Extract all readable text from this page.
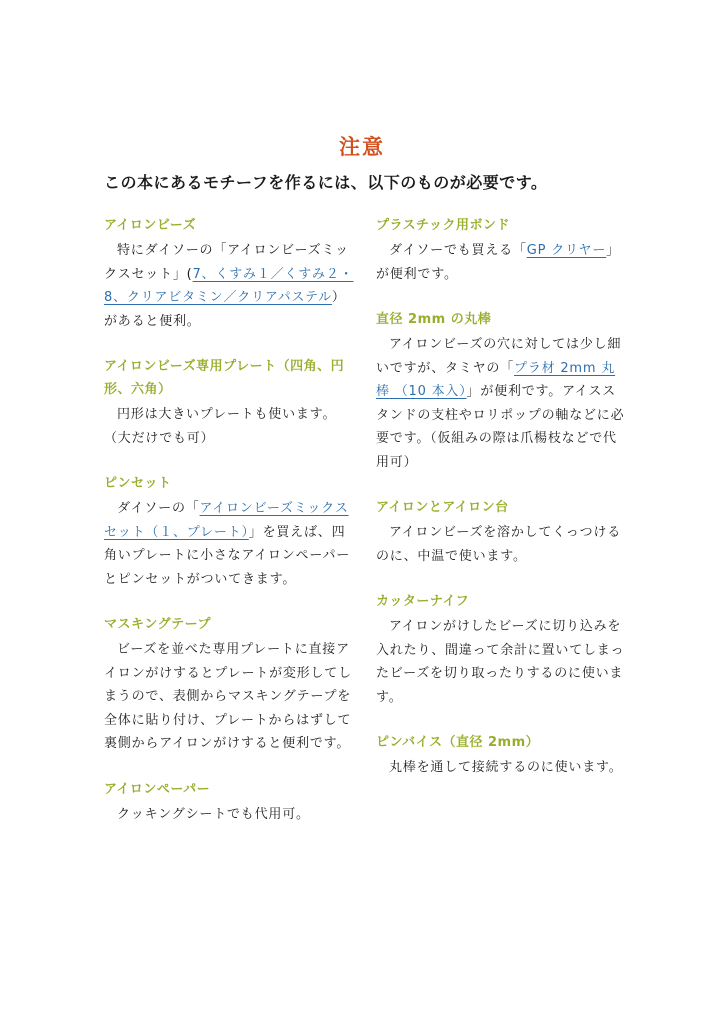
注意
この本にあるモチーフを作るには、以下のものが必要です。
アイロンビーズ
特にダイソーの「アイロンビーズミックスセット」(7、くすみ１／くすみ２・8、クリアビタミン／クリアパステル）があると便利。
アイロンビーズ専用プレート（四角、円形、六角）
円形は大きいプレートも使います。（大だけでも可）
ピンセット
ダイソーの「アイロンビーズミックスセット（１、プレート）」を買えば、四角いプレートに小さなアイロンペーパーとピンセットがついてきます。
マスキングテープ
ビーズを並べた専用プレートに直接アイロンがけするとプレートが変形してしまうので、表側からマスキングテープを全体に貼り付け、プレートからはずして裏側からアイロンがけすると便利です。
アイロンペーパー
クッキングシートでも代用可。
プラスチック用ボンド
ダイソーでも買える「GP クリヤー」が便利です。
直径 2mm の丸棒
アイロンビーズの穴に対しては少し細いですが、タミヤの「プラ材 2mm 丸棒 （10 本入）」が便利です。アイススタンドの支柱やロリポップの軸などに必要です。（仮組みの際は爪楊枝などで代用可）
アイロンとアイロン台
アイロンビーズを溶かしてくっつけるのに、中温で使います。
カッターナイフ
アイロンがけしたビーズに切り込みを入れたり、間違って余計に置いてしまったビーズを切り取ったりするのに使います。
ピンバイス（直径 2mm）
丸棒を通して接続するのに使います。
